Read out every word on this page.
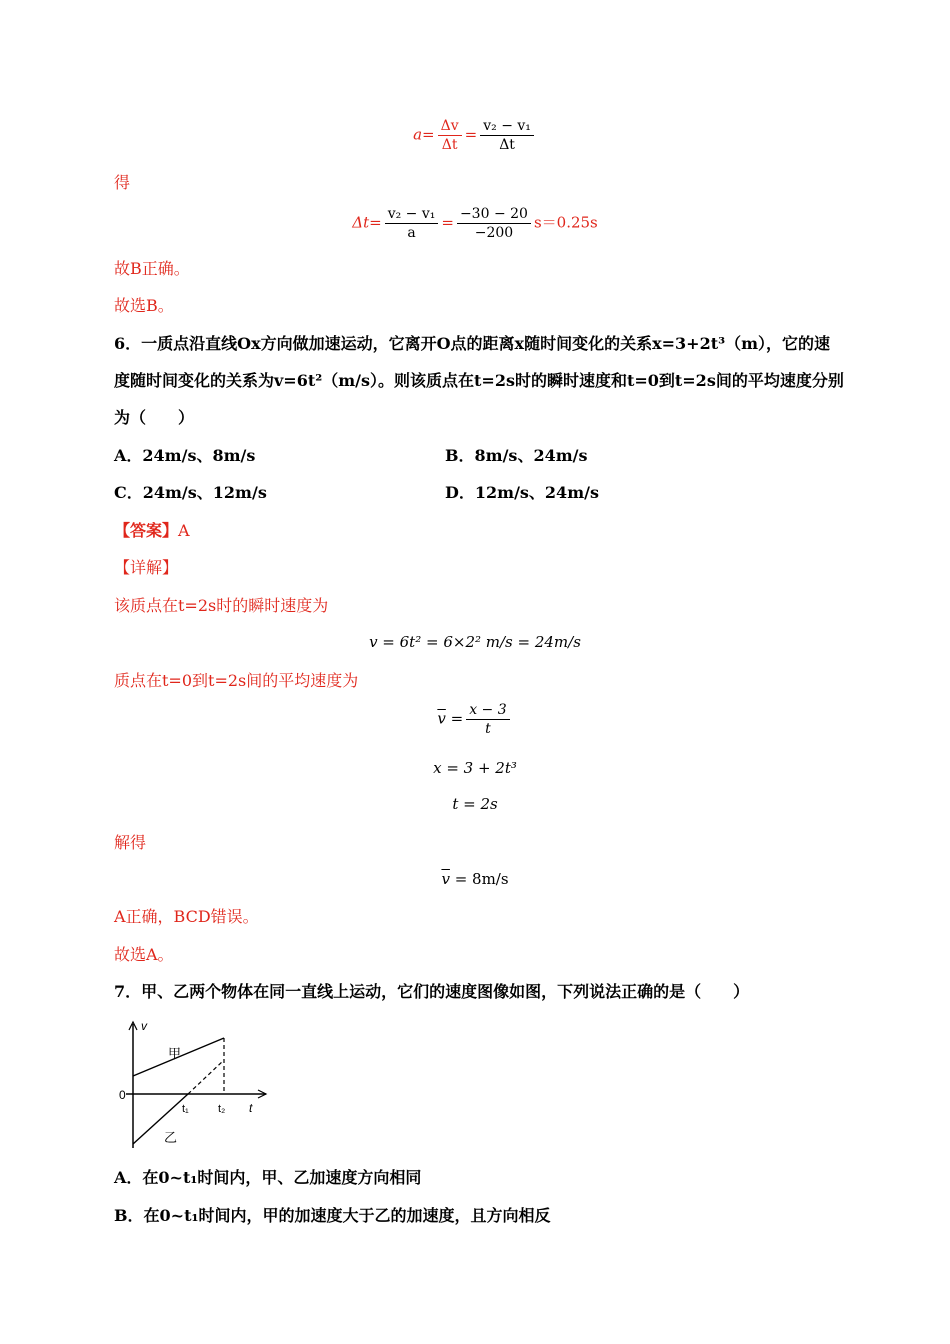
$a= \frac{\Delta v}{\Delta t} = \frac{\text{v₂ − v₁}}{\Delta t}$
得
$\Delta t= \frac{\text{v₂ − v₁}}{a} = \frac{-30 - 20}{-200} s=0.25s$
故B正确。
故选B。
6．一质点沿直线Ox方向做加速运动，它离开O点的距离x随时间变化的关系x=3+2t³（m），它的速
度随时间变化的关系为v=6t²（m/s）。则该质点在t=2s时的瞬时速度和t=0到t=2s间的平均速度分别
为（　　）
A．24m/s、8m/s	B．8m/s、24m/s
C．24m/s、12m/s	D．12m/s、24m/s
【答案】A
【详解】
该质点在t=2s时的瞬时速度为
v = 6t² = 6×2² m/s = 24m/s
质点在t=0到t=2s间的平均速度为
$\overline{v} = \frac{x - 3}{t}$
x = 3 + 2t³
t = 2s
解得
$\overline{v} = 8m/s$
A正确，BCD错误。
故选A。
7．甲、乙两个物体在同一直线上运动，它们的速度图像如图，下列说法正确的是（　　）
v
0
t
t₁	t₂
甲
乙
A．在0~t₁时间内，甲、乙加速度方向相同
B．在0~t₁时间内，甲的加速度大于乙的加速度，且方向相反
